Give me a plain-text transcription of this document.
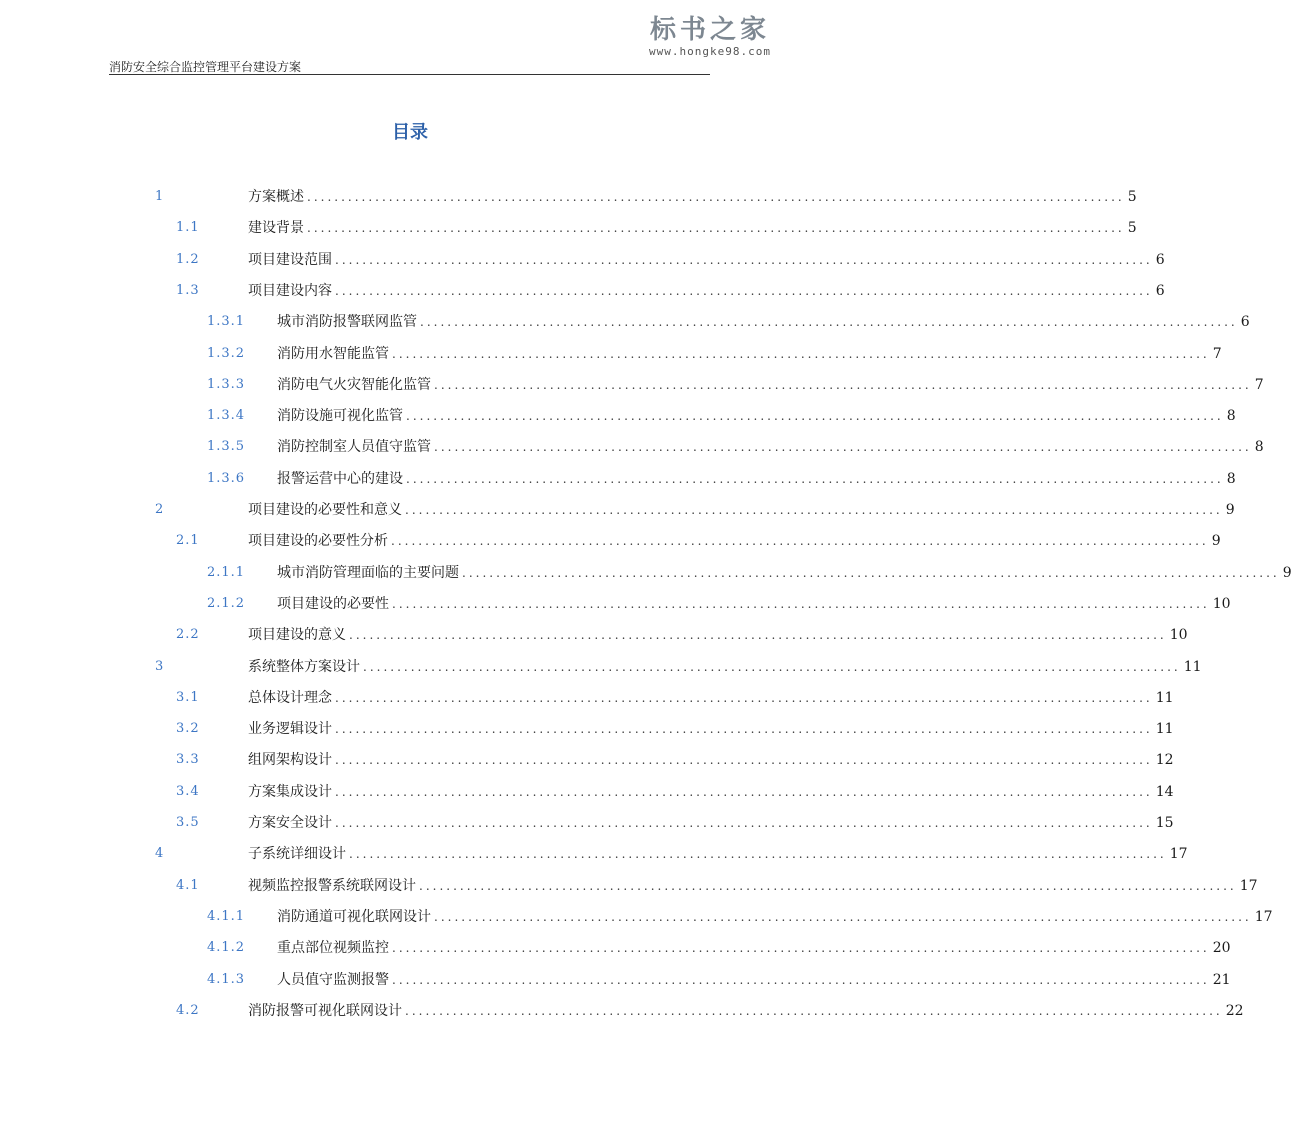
消防安全综合监控管理平台建设方案
标书之家
www.hongke98.com
目录
1	方案概述 ........................................................................................................................ 5
1.1	建设背景 ........................................................................................................................ 5
1.2	项目建设范围 ........................................................................................................................ 6
1.3	项目建设内容 ........................................................................................................................ 6
1.3.1 城市消防报警联网监管 ........................................................................................................................ 6
1.3.2 消防用水智能监管 ........................................................................................................................ 7
1.3.3 消防电气火灾智能化监管 ........................................................................................................................ 7
1.3.4 消防设施可视化监管 ........................................................................................................................ 8
1.3.5 消防控制室人员值守监管 ........................................................................................................................ 8
1.3.6 报警运营中心的建设 ........................................................................................................................ 8
2	项目建设的必要性和意义 ........................................................................................................................ 9
2.1	项目建设的必要性分析 ........................................................................................................................ 9
2.1.1 城市消防管理面临的主要问题 ........................................................................................................................ 9
2.1.2 项目建设的必要性 ........................................................................................................................ 10
2.2	项目建设的意义 ........................................................................................................................ 10
3	系统整体方案设计 ........................................................................................................................ 11
3.1	总体设计理念 ........................................................................................................................ 11
3.2	业务逻辑设计 ........................................................................................................................ 11
3.3	组网架构设计 ........................................................................................................................ 12
3.4	方案集成设计 ........................................................................................................................ 14
3.5	方案安全设计 ........................................................................................................................ 15
4	子系统详细设计 ........................................................................................................................ 17
4.1	视频监控报警系统联网设计 ........................................................................................................................ 17
4.1.1 消防通道可视化联网设计 ........................................................................................................................ 17
4.1.2 重点部位视频监控 ........................................................................................................................ 20
4.1.3 人员值守监测报警 ........................................................................................................................ 21
4.2	消防报警可视化联网设计 ........................................................................................................................ 22
